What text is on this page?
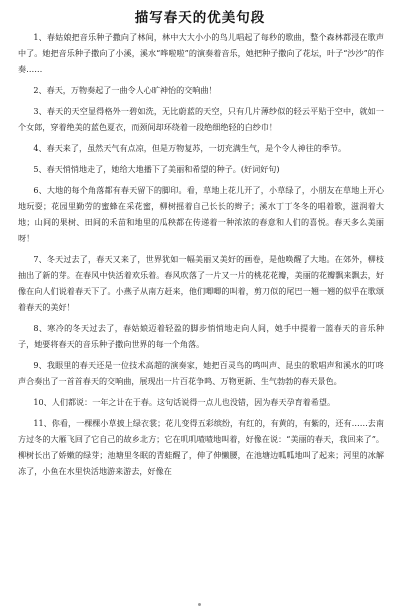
描写春天的优美句段

1、春姑娘把音乐种子撒向了林间，林中大大小小的鸟儿唱起了每秒的歌曲，整个森林都浸在歌声中了。她把音乐种子撒向了小溪，溪水“哗啦啦”的演奏着音乐，她把种子撒向了花坛，叶子“沙沙”的作奏……

2、春天，万物奏起了一曲令人心旷神怡的交响曲！

3、春天的天空显得格外一碧如洗，无比蔚蓝的天空，只有几片薄纱似的轻云平贴于空中，就如一个女郎，穿着绝美的蓝色夏衣，而颈间却环绕着一段绝细绝轻的白纱巾！

4、春天来了，虽然天气有点凉，但是万物复苏，一切充满生气，是个令人神往的季节。

5、春天悄悄地走了，她给大地播下了美丽和希望的种子。(好词好句)

6、大地的每个角落都有春天留下的脚印。看，草地上花儿开了，小草绿了，小朋友在草地上开心地玩耍；花园里勤劳的蜜蜂在采花蜜，柳树摇着自己长长的辫子；溪水丁丁冬冬的唱着歌，滋润着大地；山间的果树、田间的禾苗和地里的瓜秧都在传递着一种浓浓的春意和人们的喜悦。春天多么美丽呀！

7、冬天过去了，春天又来了，世界犹如一幅美丽又美好的画卷，是他唤醒了大地。在郊外，柳枝抽出了新的芽。在春风中快活着欢乐着。春风吹落了一片又一片的桃花花瓣，美丽的花瓣飘来飘去，好像在向人们说着春天下了。小燕子从南方赶来，他们唧唧的叫着，剪刀似的尾巴一翘一翘的似乎在歌颂着春天的美好！

8、寒冷的冬天过去了，春姑娘迈着轻盈的脚步悄悄地走向人间，她手中提着一篮春天的音乐种子，她要将春天的音乐种子撒向世界的每一个角落。

9、我眼里的春天还是一位技术高超的演奏家，她把百灵鸟的鸣叫声、昆虫的歌唱声和溪水的叮咚声合奏出了一首首春天的交响曲，展现出一片百花争鸣、万物更新、生气勃勃的春天景色。

10、人们都说：一年之计在于春。这句话说得一点儿也没错，因为春天孕育着希望。

11、你看，一棵棵小草披上绿衣裳；花儿变得五彩缤纷，有红的，有黄的，有紫的，还有……去南方过冬的大雁飞回了它自己的故乡北方；它在叽叽喳喳地叫着，好像在说：“美丽的春天，我回来了”。柳树长出了娇嫩的绿芽；池塘里冬眠的青蛙醒了，伸了伸懒腰，在池塘边呱呱地叫了起来；河里的冰解冻了，小鱼在水里快活地游来游去，好像在
